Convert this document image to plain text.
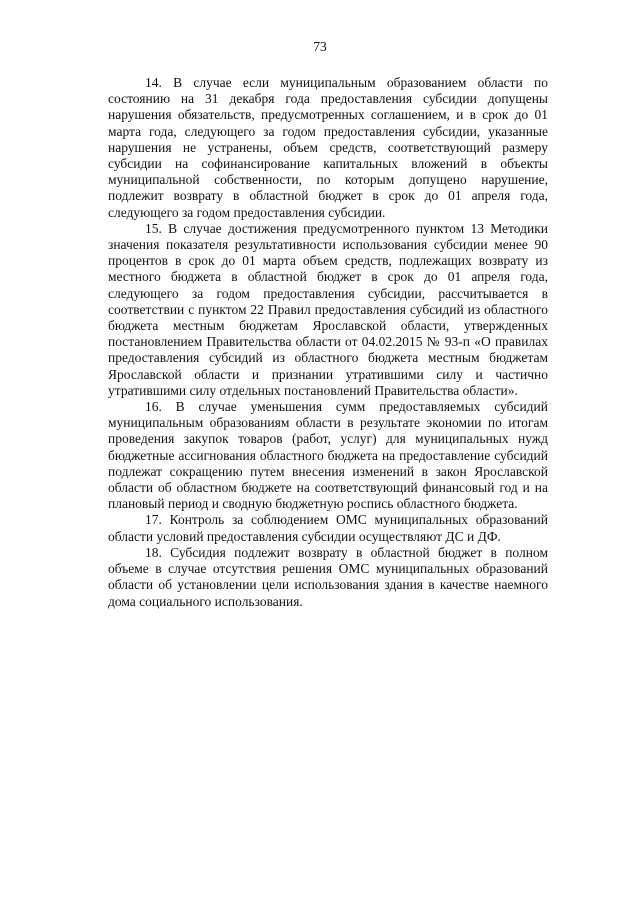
73

14. В случае если муниципальным образованием области по состоянию на 31 декабря года предоставления субсидии допущены нарушения обязательств, предусмотренных соглашением, и в срок до 01 марта года, следующего за годом предоставления субсидии, указанные нарушения не устранены, объем средств, соответствующий размеру субсидии на софинансирование капитальных вложений в объекты муниципальной собственности, по которым допущено нарушение, подлежит возврату в областной бюджет в срок до 01 апреля года, следующего за годом предоставления субсидии.

15. В случае достижения предусмотренного пунктом 13 Методики значения показателя результативности использования субсидии менее 90 процентов в срок до 01 марта объем средств, подлежащих возврату из местного бюджета в областной бюджет в срок до 01 апреля года, следующего за годом предоставления субсидии, рассчитывается в соответствии с пунктом 22 Правил предоставления субсидий из областного бюджета местным бюджетам Ярославской области, утвержденных постановлением Правительства области от 04.02.2015 № 93-п «О правилах предоставления субсидий из областного бюджета местным бюджетам Ярославской области и признании утратившими силу и частично утратившими силу отдельных постановлений Правительства области».

16. В случае уменьшения сумм предоставляемых субсидий муниципальным образованиям области в результате экономии по итогам проведения закупок товаров (работ, услуг) для муниципальных нужд бюджетные ассигнования областного бюджета на предоставление субсидий подлежат сокращению путем внесения изменений в закон Ярославской области об областном бюджете на соответствующий финансовый год и на плановый период и сводную бюджетную роспись областного бюджета.

17. Контроль за соблюдением ОМС муниципальных образований области условий предоставления субсидии осуществляют ДС и ДФ.

18. Субсидия подлежит возврату в областной бюджет в полном объеме в случае отсутствия решения ОМС муниципальных образований области об установлении цели использования здания в качестве наемного дома социального использования.
